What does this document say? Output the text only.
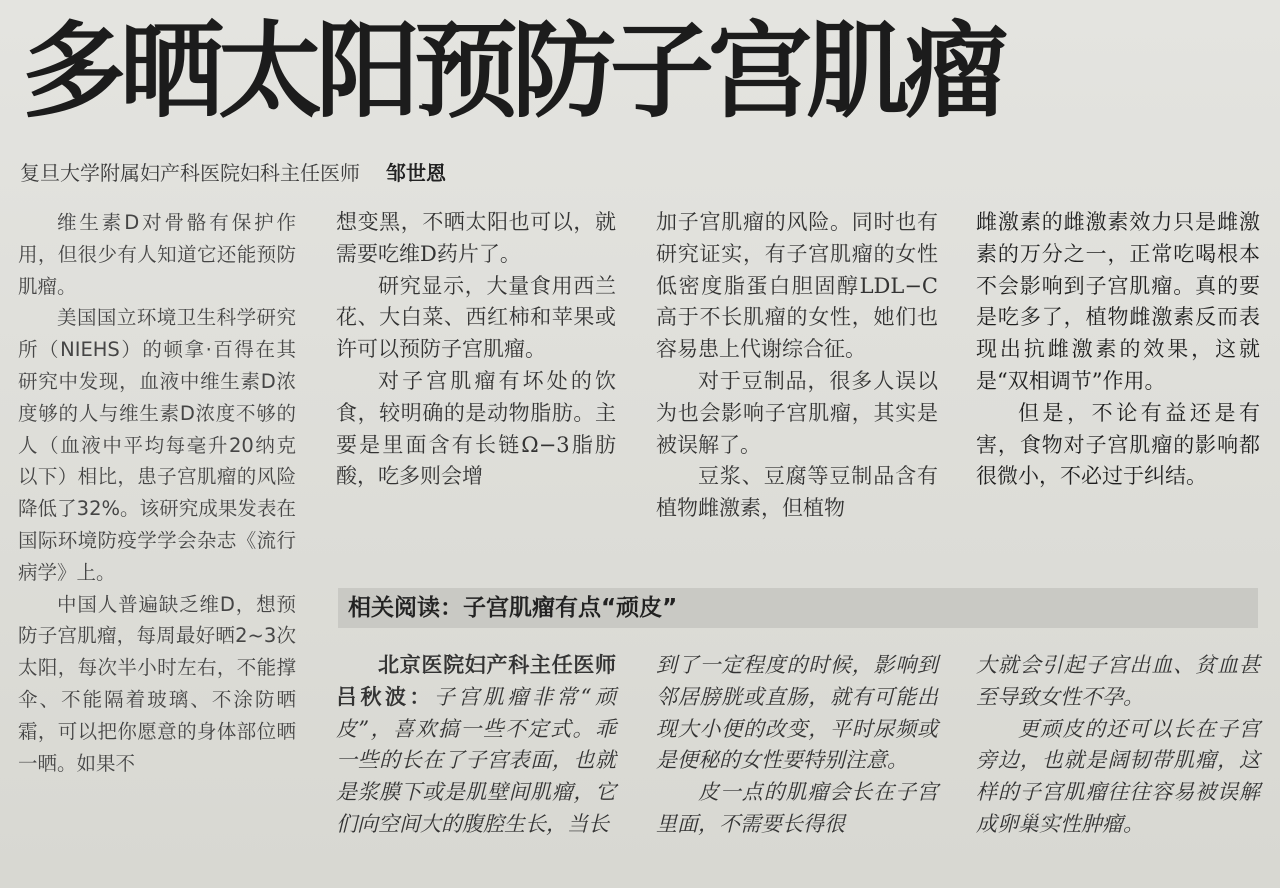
多晒太阳预防子宫肌瘤
复旦大学附属妇产科医院妇科主任医师 邹世恩

维生素D对骨骼有保护作用，但很少有人知道它还能预防肌瘤。

美国国立环境卫生科学研究所（NIEHS）的顿拿·百得在其研究中发现，血液中维生素D浓度够的人与维生素D浓度不够的人（血液中平均每毫升20纳克以下）相比，患子宫肌瘤的风险降低了32%。该研究成果发表在国际环境防疫学学会杂志《流行病学》上。

中国人普遍缺乏维D，想预防子宫肌瘤，每周最好晒2~3次太阳，每次半小时左右，不能撑伞、不能隔着玻璃、不涂防晒霜，可以把你愿意的身体部位晒一晒。如果不

想变黑，不晒太阳也可以，就需要吃维D药片了。

研究显示，大量食用西兰花、大白菜、西红柿和苹果或许可以预防子宫肌瘤。

对子宫肌瘤有坏处的饮食，较明确的是动物脂肪。主要是里面含有长链Ω−3脂肪酸，吃多则会增

加子宫肌瘤的风险。同时也有研究证实，有子宫肌瘤的女性低密度脂蛋白胆固醇LDL−C高于不长肌瘤的女性，她们也容易患上代谢综合征。

对于豆制品，很多人误以为也会影响子宫肌瘤，其实是被误解了。

豆浆、豆腐等豆制品含有植物雌激素，但植物

雌激素的雌激素效力只是雌激素的万分之一，正常吃喝根本不会影响到子宫肌瘤。真的要是吃多了，植物雌激素反而表现出抗雌激素的效果，这就是“双相调节”作用。

但是，不论有益还是有害，食物对子宫肌瘤的影响都很微小，不必过于纠结。

相关阅读：子宫肌瘤有点“顽皮”

北京医院妇产科主任医师吕秋波：子宫肌瘤非常“顽皮”，喜欢搞一些不定式。乖一些的长在了子宫表面，也就是浆膜下或是肌壁间肌瘤，它们向空间大的腹腔生长，当长

到了一定程度的时候，影响到邻居膀胱或直肠，就有可能出现大小便的改变，平时尿频或是便秘的女性要特别注意。

皮一点的肌瘤会长在子宫里面，不需要长得很

大就会引起子宫出血、贫血甚至导致女性不孕。

更顽皮的还可以长在子宫旁边，也就是阔韧带肌瘤，这样的子宫肌瘤往往容易被误解成卵巢实性肿瘤。
